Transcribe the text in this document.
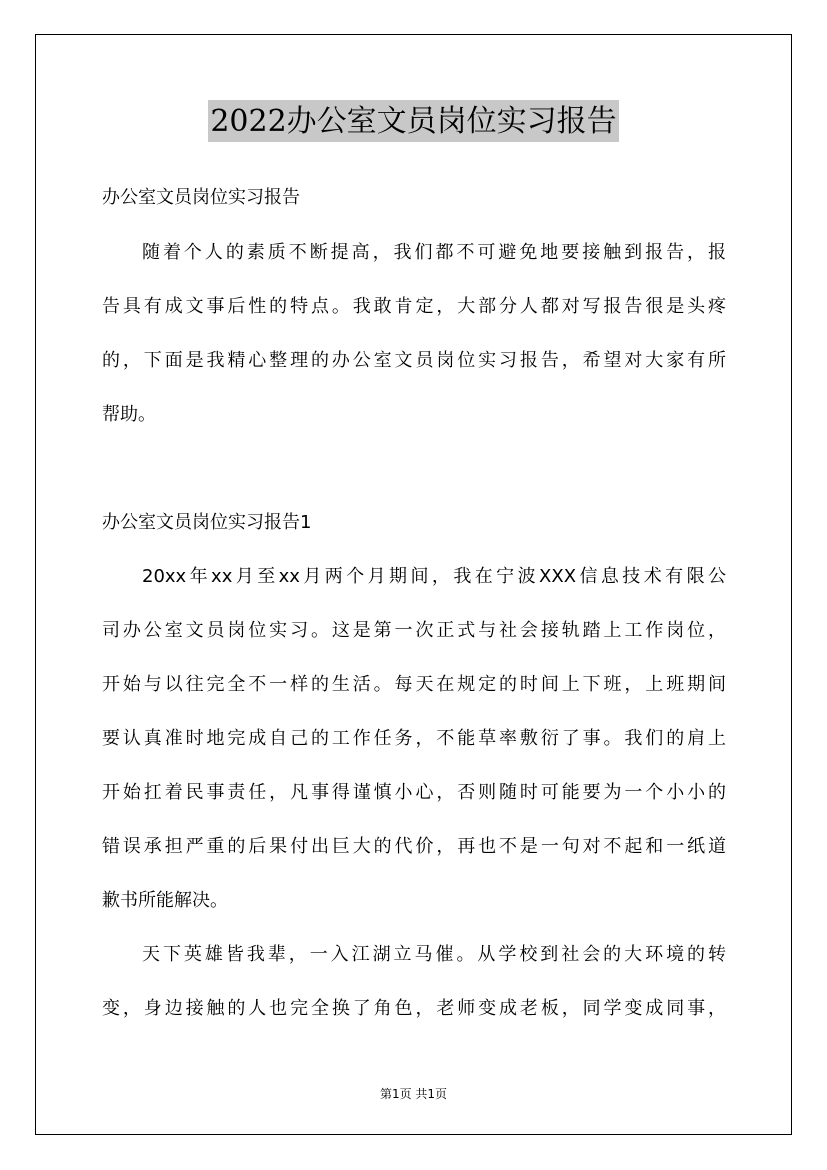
2022办公室文员岗位实习报告
办公室文员岗位实习报告
随着个人的素质不断提高，我们都不可避免地要接触到报告，报
告具有成文事后性的特点。我敢肯定，大部分人都对写报告很是头疼
的，下面是我精心整理的办公室文员岗位实习报告，希望对大家有所
帮助。
办公室文员岗位实习报告1
20xx年xx月至xx月两个月期间，我在宁波XXX信息技术有限公
司办公室文员岗位实习。这是第一次正式与社会接轨踏上工作岗位，
开始与以往完全不一样的生活。每天在规定的时间上下班，上班期间
要认真准时地完成自己的工作任务，不能草率敷衍了事。我们的肩上
开始扛着民事责任，凡事得谨慎小心，否则随时可能要为一个小小的
错误承担严重的后果付出巨大的代价，再也不是一句对不起和一纸道
歉书所能解决。
天下英雄皆我辈，一入江湖立马催。从学校到社会的大环境的转
变，身边接触的人也完全换了角色，老师变成老板，同学变成同事，
第1页 共1页
